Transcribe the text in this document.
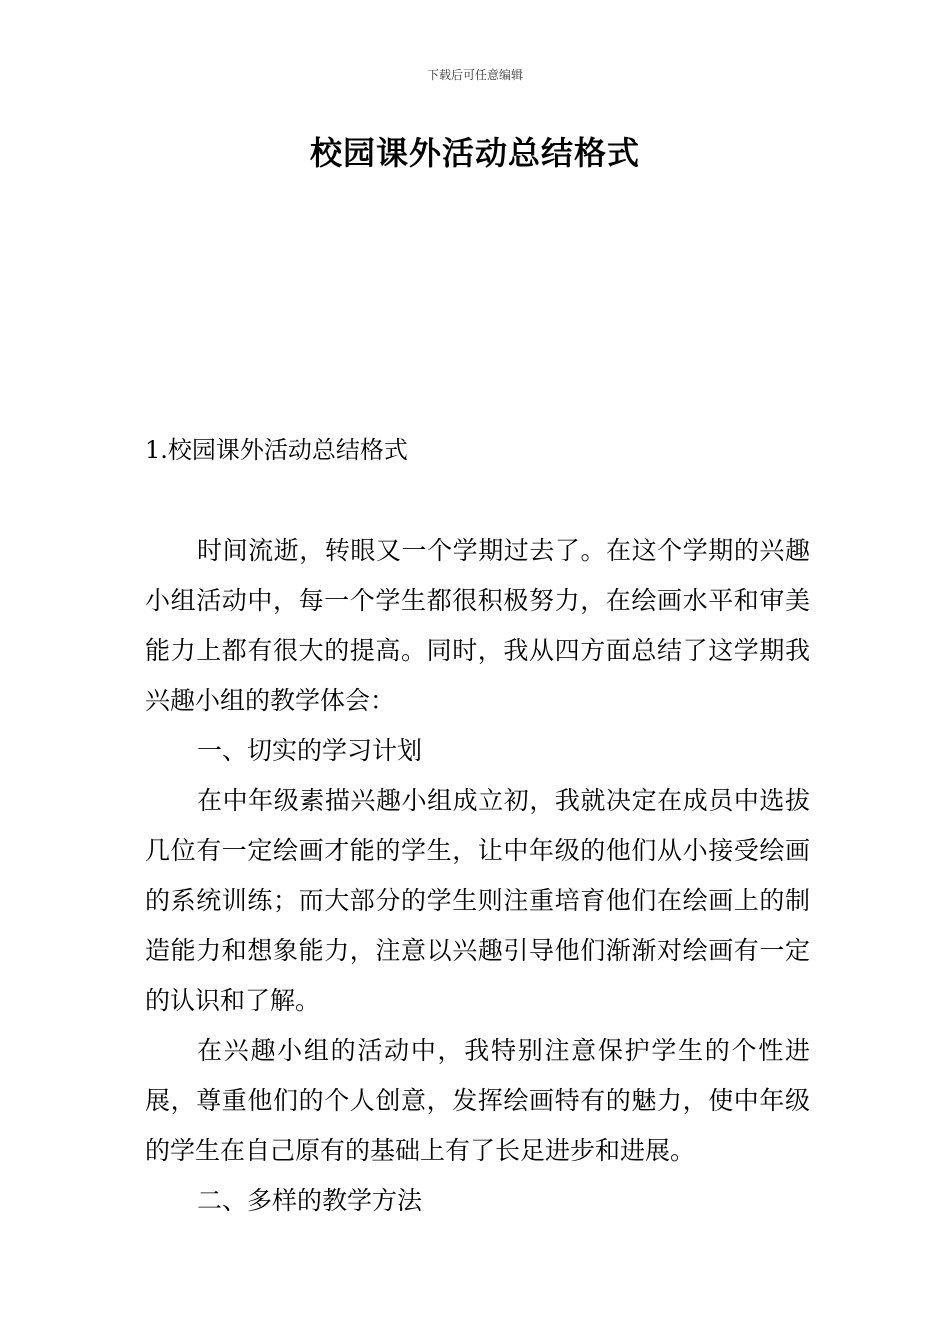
下载后可任意编辑
校园课外活动总结格式
1.校园课外活动总结格式

时间流逝，转眼又一个学期过去了。在这个学期的兴趣小组活动中，每一个学生都很积极努力，在绘画水平和审美能力上都有很大的提高。同时，我从四方面总结了这学期我兴趣小组的教学体会：

一、切实的学习计划

在中年级素描兴趣小组成立初，我就决定在成员中选拔几位有一定绘画才能的学生，让中年级的他们从小接受绘画的系统训练；而大部分的学生则注重培育他们在绘画上的制造能力和想象能力，注意以兴趣引导他们渐渐对绘画有一定的认识和了解。

在兴趣小组的活动中，我特别注意保护学生的个性进展，尊重他们的个人创意，发挥绘画特有的魅力，使中年级的学生在自己原有的基础上有了长足进步和进展。

二、多样的教学方法
